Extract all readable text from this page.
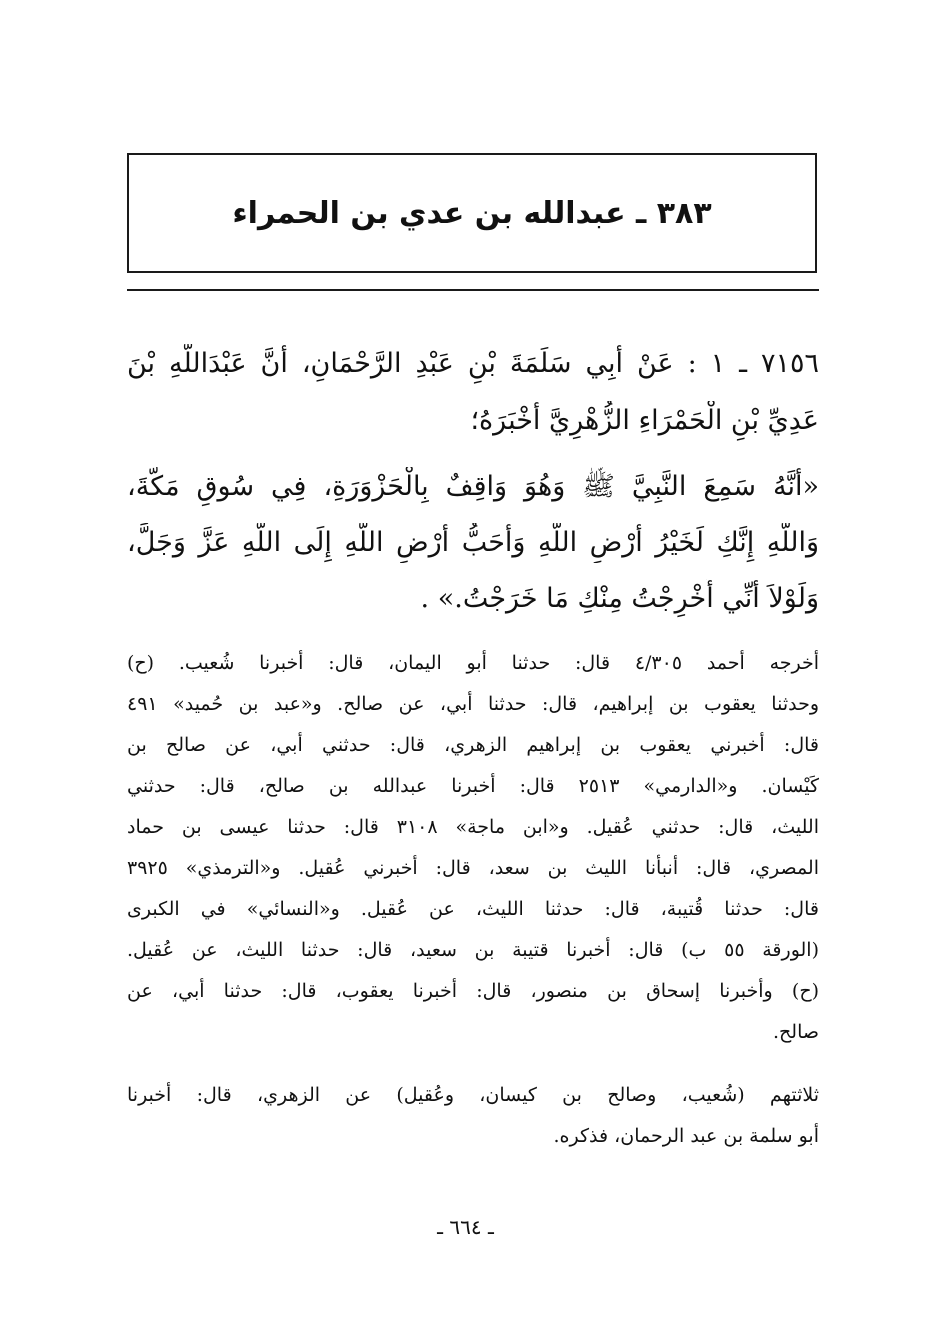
٣٨٣ ـ عبدالله بن عدي بن الحمراء
٧١٥٦ ـ ١ : عَنْ أَبِي سَلَمَةَ بْنِ عَبْدِ الرَّحْمَانِ، أَنَّ عَبْدَاللَّهِ بْنَ
عَدِيِّ بْنِ الْحَمْرَاءِ الزُّهْرِيَّ أَخْبَرَهُ؛
«أَنَّهُ سَمِعَ النَّبِيَّ ﷺ وَهُوَ وَاقِفٌ بِالْحَزْوَرَةِ، فِي سُوقِ مَكَّةَ،
وَاللَّهِ إِنَّكِ لَخَيْرُ أَرْضِ اللَّهِ وَأَحَبُّ أَرْضِ اللَّهِ إِلَى اللَّهِ عَزَّ وَجَلَّ،
وَلَوْلاَ أَنِّي أُخْرِجْتُ مِنْكِ مَا خَرَجْتُ.» .
أخرجه أحمد ٤/٣٠٥ قال: حدثنا أبو اليمان، قال: أخبرنا شُعيب. (ح)
وحدثنا يعقوب بن إبراهيم، قال: حدثنا أبي، عن صالح. و«عبد بن حُميد» ٤٩١
قال: أخبرني يعقوب بن إبراهيم الزهري، قال: حدثني أبي، عن صالح بن
كَيْسان. و«الدارمي» ٢٥١٣ قال: أخبرنا عبدالله بن صالح، قال: حدثني
الليث، قال: حدثني عُقيل. و«ابن ماجة» ٣١٠٨ قال: حدثنا عيسى بن حماد
المصري، قال: أنبأنا الليث بن سعد، قال: أخبرني عُقيل. و«الترمذي» ٣٩٢٥
قال: حدثنا قُتيبة، قال: حدثنا الليث، عن عُقيل. و«النسائي» في الكبرى
(الورقة ٥٥ ب) قال: أخبرنا قتيبة بن سعيد، قال: حدثنا الليث، عن عُقيل.
(ح) وأخبرنا إسحاق بن منصور، قال: أخبرنا يعقوب، قال: حدثنا أبي، عن
صالح.
ثلاثتهم (شُعيب، وصالح بن كيسان، وعُقيل) عن الزهري، قال: أخبرنا
أبو سلمة بن عبد الرحمان، فذكره.
ـ ٦٦٤ ـ
